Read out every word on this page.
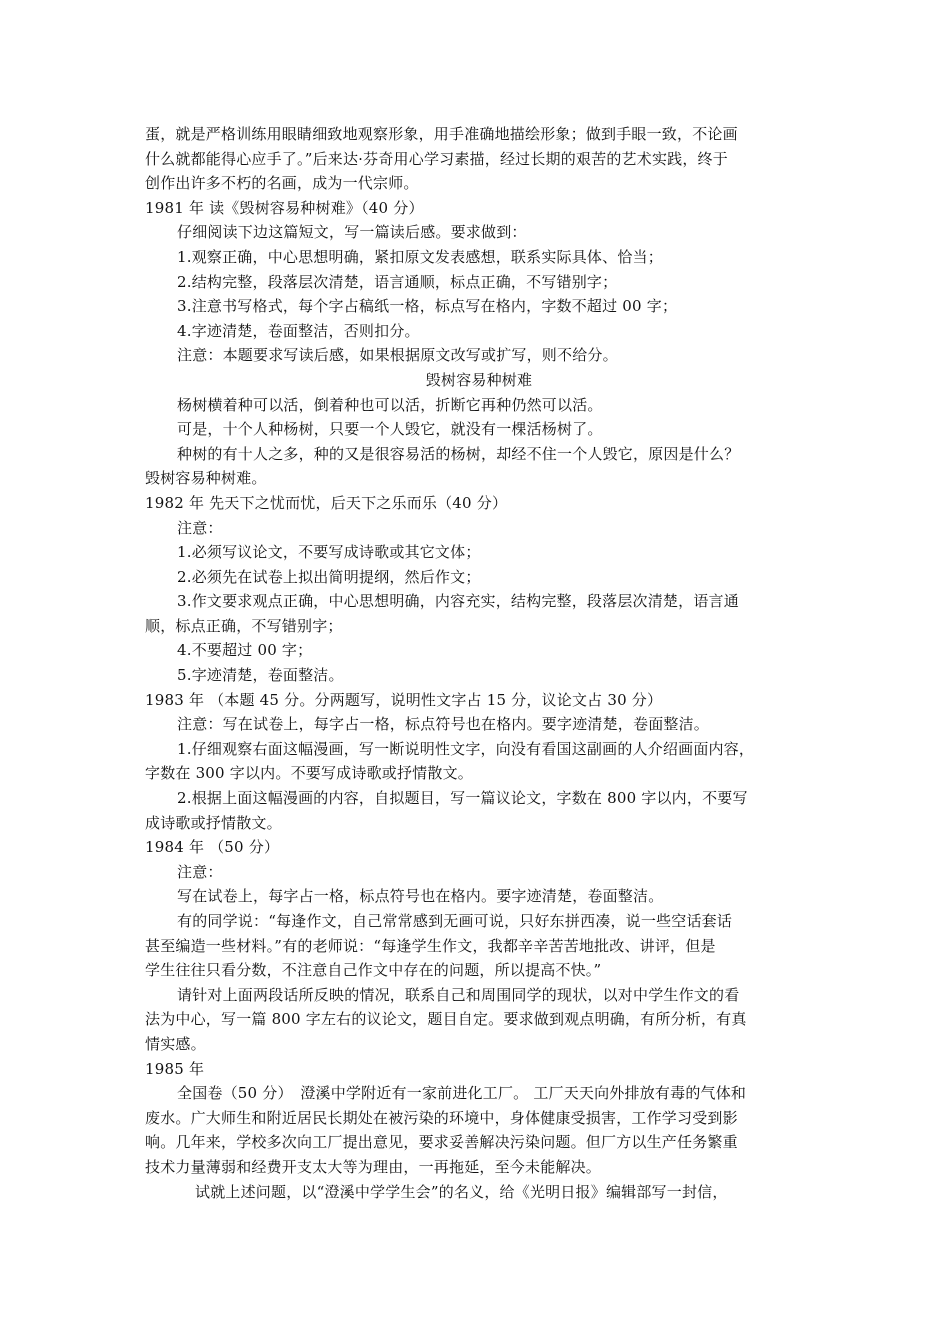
蛋，就是严格训练用眼睛细致地观察形象，用手准确地描绘形象；做到手眼一致，不论画
什么就都能得心应手了。”后来达·芬奇用心学习素描，经过长期的艰苦的艺术实践，终于
创作出许多不朽的名画，成为一代宗师。
1981 年 读《毁树容易种树难》（40 分）
仔细阅读下边这篇短文，写一篇读后感。要求做到：
1.观察正确，中心思想明确，紧扣原文发表感想，联系实际具体、恰当；
2.结构完整，段落层次清楚，语言通顺，标点正确，不写错别字；
3.注意书写格式，每个字占稿纸一格，标点写在格内，字数不超过 00 字；
4.字迹清楚，卷面整洁，否则扣分。
注意：本题要求写读后感，如果根据原文改写或扩写，则不给分。
毁树容易种树难
杨树横着种可以活，倒着种也可以活，折断它再种仍然可以活。
可是，十个人种杨树，只要一个人毁它，就没有一棵活杨树了。
种树的有十人之多，种的又是很容易活的杨树，却经不住一个人毁它，原因是什么？
毁树容易种树难。
1982 年 先天下之忧而忧，后天下之乐而乐（40 分）
注意：
1.必须写议论文，不要写成诗歌或其它文体；
2.必须先在试卷上拟出简明提纲，然后作文；
3.作文要求观点正确，中心思想明确，内容充实，结构完整，段落层次清楚，语言通
顺，标点正确，不写错别字；
4.不要超过 00 字；
5.字迹清楚，卷面整洁。
1983 年 （本题 45 分。分两题写，说明性文字占 15 分，议论文占 30 分）
注意：写在试卷上，每字占一格，标点符号也在格内。要字迹清楚，卷面整洁。
1.仔细观察右面这幅漫画，写一断说明性文字，向没有看国这副画的人介绍画面内容，
字数在 300 字以内。不要写成诗歌或抒情散文。
2.根据上面这幅漫画的内容，自拟题目，写一篇议论文，字数在 800 字以内，不要写
成诗歌或抒情散文。
1984 年 （50 分）
注意：
写在试卷上，每字占一格，标点符号也在格内。要字迹清楚，卷面整洁。
有的同学说：“每逢作文，自己常常感到无画可说，只好东拼西凑，说一些空话套话
甚至编造一些材料。”有的老师说：“每逢学生作文，我都辛辛苦苦地批改、讲评，但是
学生往往只看分数，不注意自己作文中存在的问题，所以提高不快。”
请针对上面两段话所反映的情况，联系自己和周围同学的现状，以对中学生作文的看
法为中心，写一篇 800 字左右的议论文，题目自定。要求做到观点明确，有所分析，有真
情实感。
1985 年
全国卷（50 分）　澄溪中学附近有一家前进化工厂。 工厂天天向外排放有毒的气体和
废水。广大师生和附近居民长期处在被污染的环境中，身体健康受损害，工作学习受到影
响。几年来，学校多次向工厂提出意见，要求妥善解决污染问题。但厂方以生产任务繁重
技术力量薄弱和经费开支太大等为理由，一再拖延，至今未能解决。
试就上述问题，以“澄溪中学学生会”的名义，给《光明日报》编辑部写一封信，
